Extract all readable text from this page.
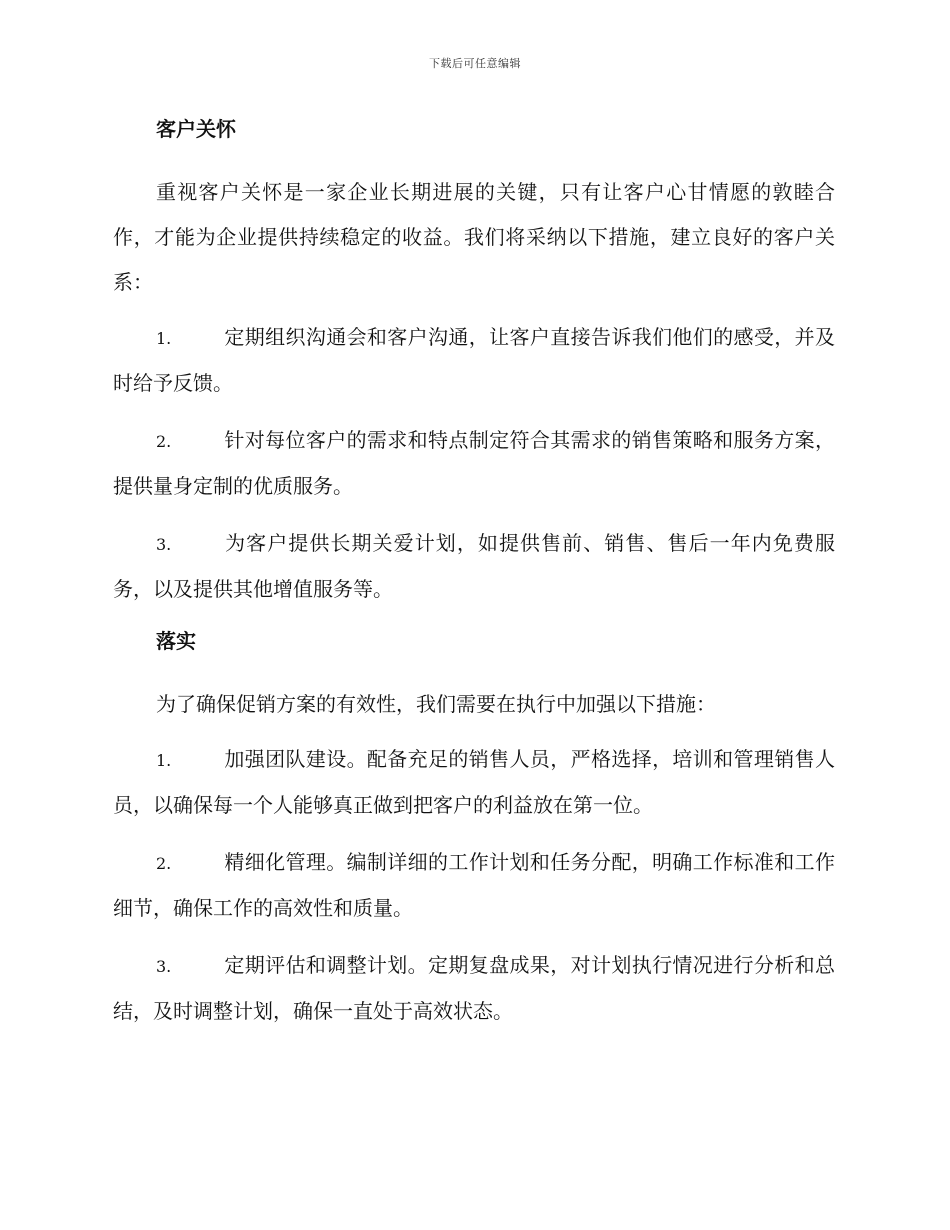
下载后可任意编辑
客户关怀

重视客户关怀是一家企业长期进展的关键，只有让客户心甘情愿的敦睦合作，才能为企业提供持续稳定的收益。我们将采纳以下措施，建立良好的客户关系：

1.	定期组织沟通会和客户沟通，让客户直接告诉我们他们的感受，并及时给予反馈。

2.	针对每位客户的需求和特点制定符合其需求的销售策略和服务方案，提供量身定制的优质服务。

3.	为客户提供长期关爱计划，如提供售前、销售、售后一年内免费服务，以及提供其他增值服务等。

落实

为了确保促销方案的有效性，我们需要在执行中加强以下措施：

1.	加强团队建设。配备充足的销售人员，严格选择，培训和管理销售人员，以确保每一个人能够真正做到把客户的利益放在第一位。

2.	精细化管理。编制详细的工作计划和任务分配，明确工作标准和工作细节，确保工作的高效性和质量。

3.	定期评估和调整计划。定期复盘成果，对计划执行情况进行分析和总结，及时调整计划，确保一直处于高效状态。
